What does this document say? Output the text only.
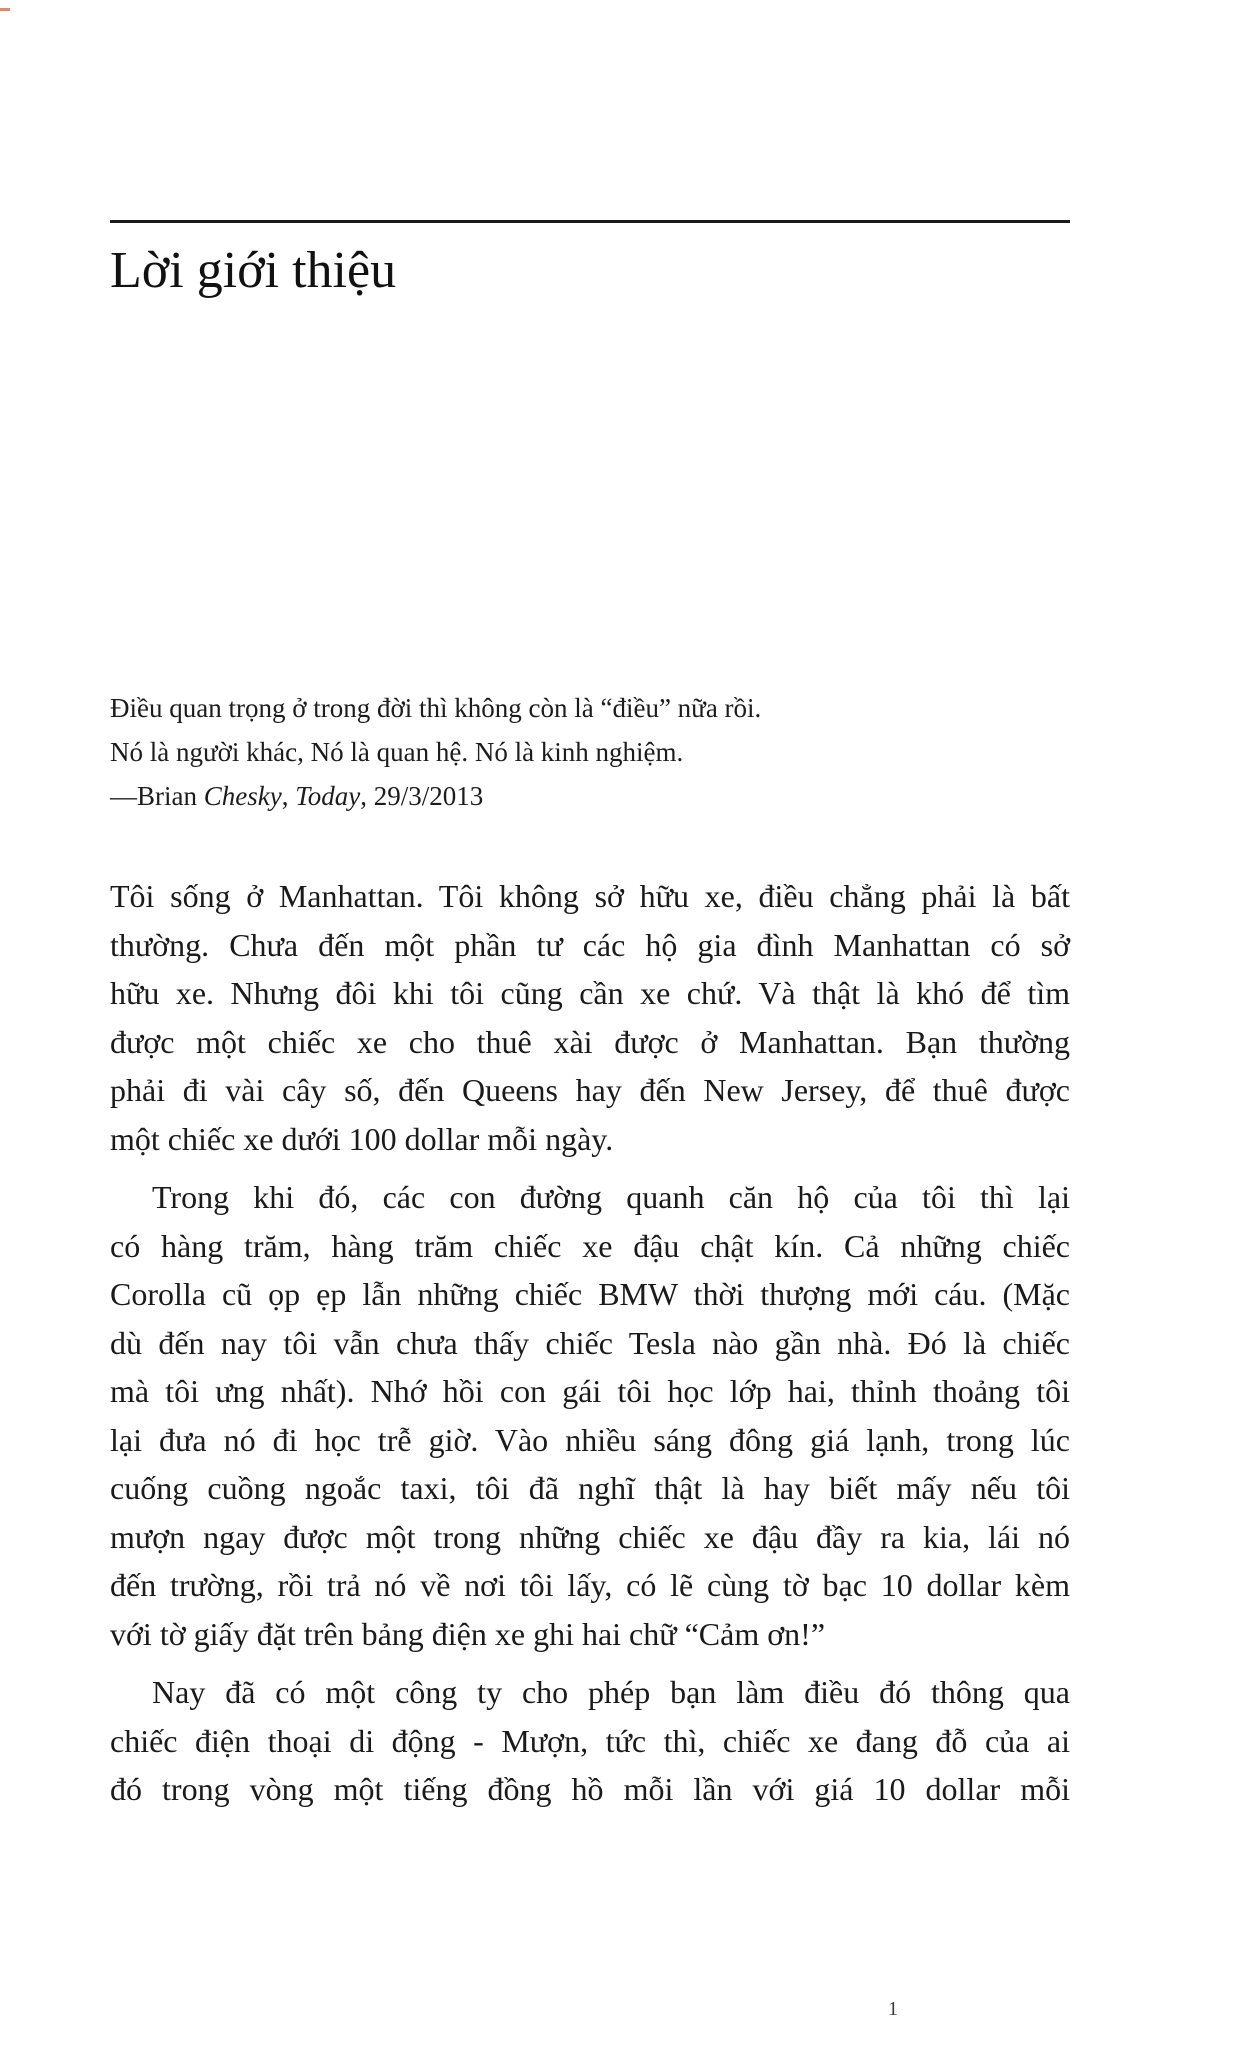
Lời giới thiệu
Điều quan trọng ở trong đời thì không còn là “điều” nữa rồi.
Nó là người khác, Nó là quan hệ. Nó là kinh nghiệm.
—Brian Chesky, Today, 29/3/2013
Tôi sống ở Manhattan. Tôi không sở hữu xe, điều chẳng phải là bất
thường. Chưa đến một phần tư các hộ gia đình Manhattan có sở
hữu xe. Nhưng đôi khi tôi cũng cần xe chứ. Và thật là khó để tìm
được một chiếc xe cho thuê xài được ở Manhattan. Bạn thường
phải đi vài cây số, đến Queens hay đến New Jersey, để thuê được
một chiếc xe dưới 100 dollar mỗi ngày.
Trong khi đó, các con đường quanh căn hộ của tôi thì lại
có hàng trăm, hàng trăm chiếc xe đậu chật kín. Cả những chiếc
Corolla cũ ọp ẹp lẫn những chiếc BMW thời thượng mới cáu. (Mặc
dù đến nay tôi vẫn chưa thấy chiếc Tesla nào gần nhà. Đó là chiếc
mà tôi ưng nhất). Nhớ hồi con gái tôi học lớp hai, thỉnh thoảng tôi
lại đưa nó đi học trễ giờ. Vào nhiều sáng đông giá lạnh, trong lúc
cuống cuồng ngoắc taxi, tôi đã nghĩ thật là hay biết mấy nếu tôi
mượn ngay được một trong những chiếc xe đậu đầy ra kia, lái nó
đến trường, rồi trả nó về nơi tôi lấy, có lẽ cùng tờ bạc 10 dollar kèm
với tờ giấy đặt trên bảng điện xe ghi hai chữ “Cảm ơn!”
Nay đã có một công ty cho phép bạn làm điều đó thông qua
chiếc điện thoại di động - Mượn, tức thì, chiếc xe đang đỗ của ai
đó trong vòng một tiếng đồng hồ mỗi lần với giá 10 dollar mỗi
1
